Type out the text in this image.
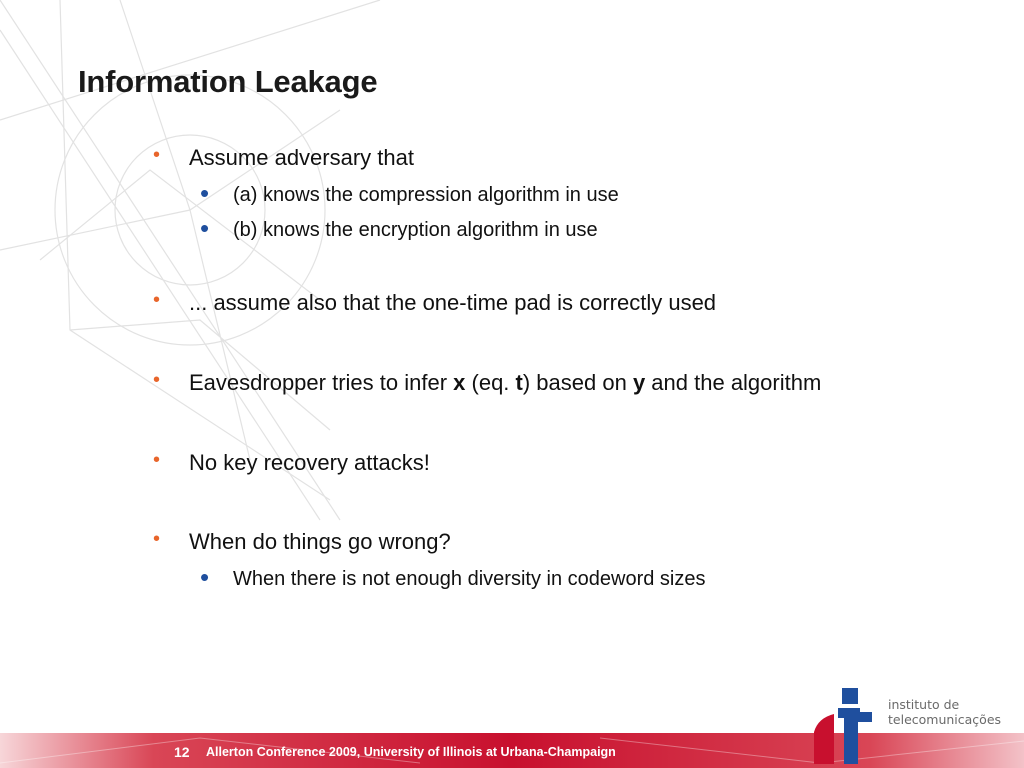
Information Leakage
• Assume adversary that
• (a) knows the compression algorithm in use
• (b) knows the encryption algorithm in use
• ... assume also that the one-time pad is correctly used
• Eavesdropper tries to infer x (eq. t) based on y and the algorithm
• No key recovery attacks!
• When do things go wrong?
• When there is not enough diversity in codeword sizes
12 Allerton Conference 2009, University of Illinois at Urbana-Champaign
instituto de
telecomunicações
